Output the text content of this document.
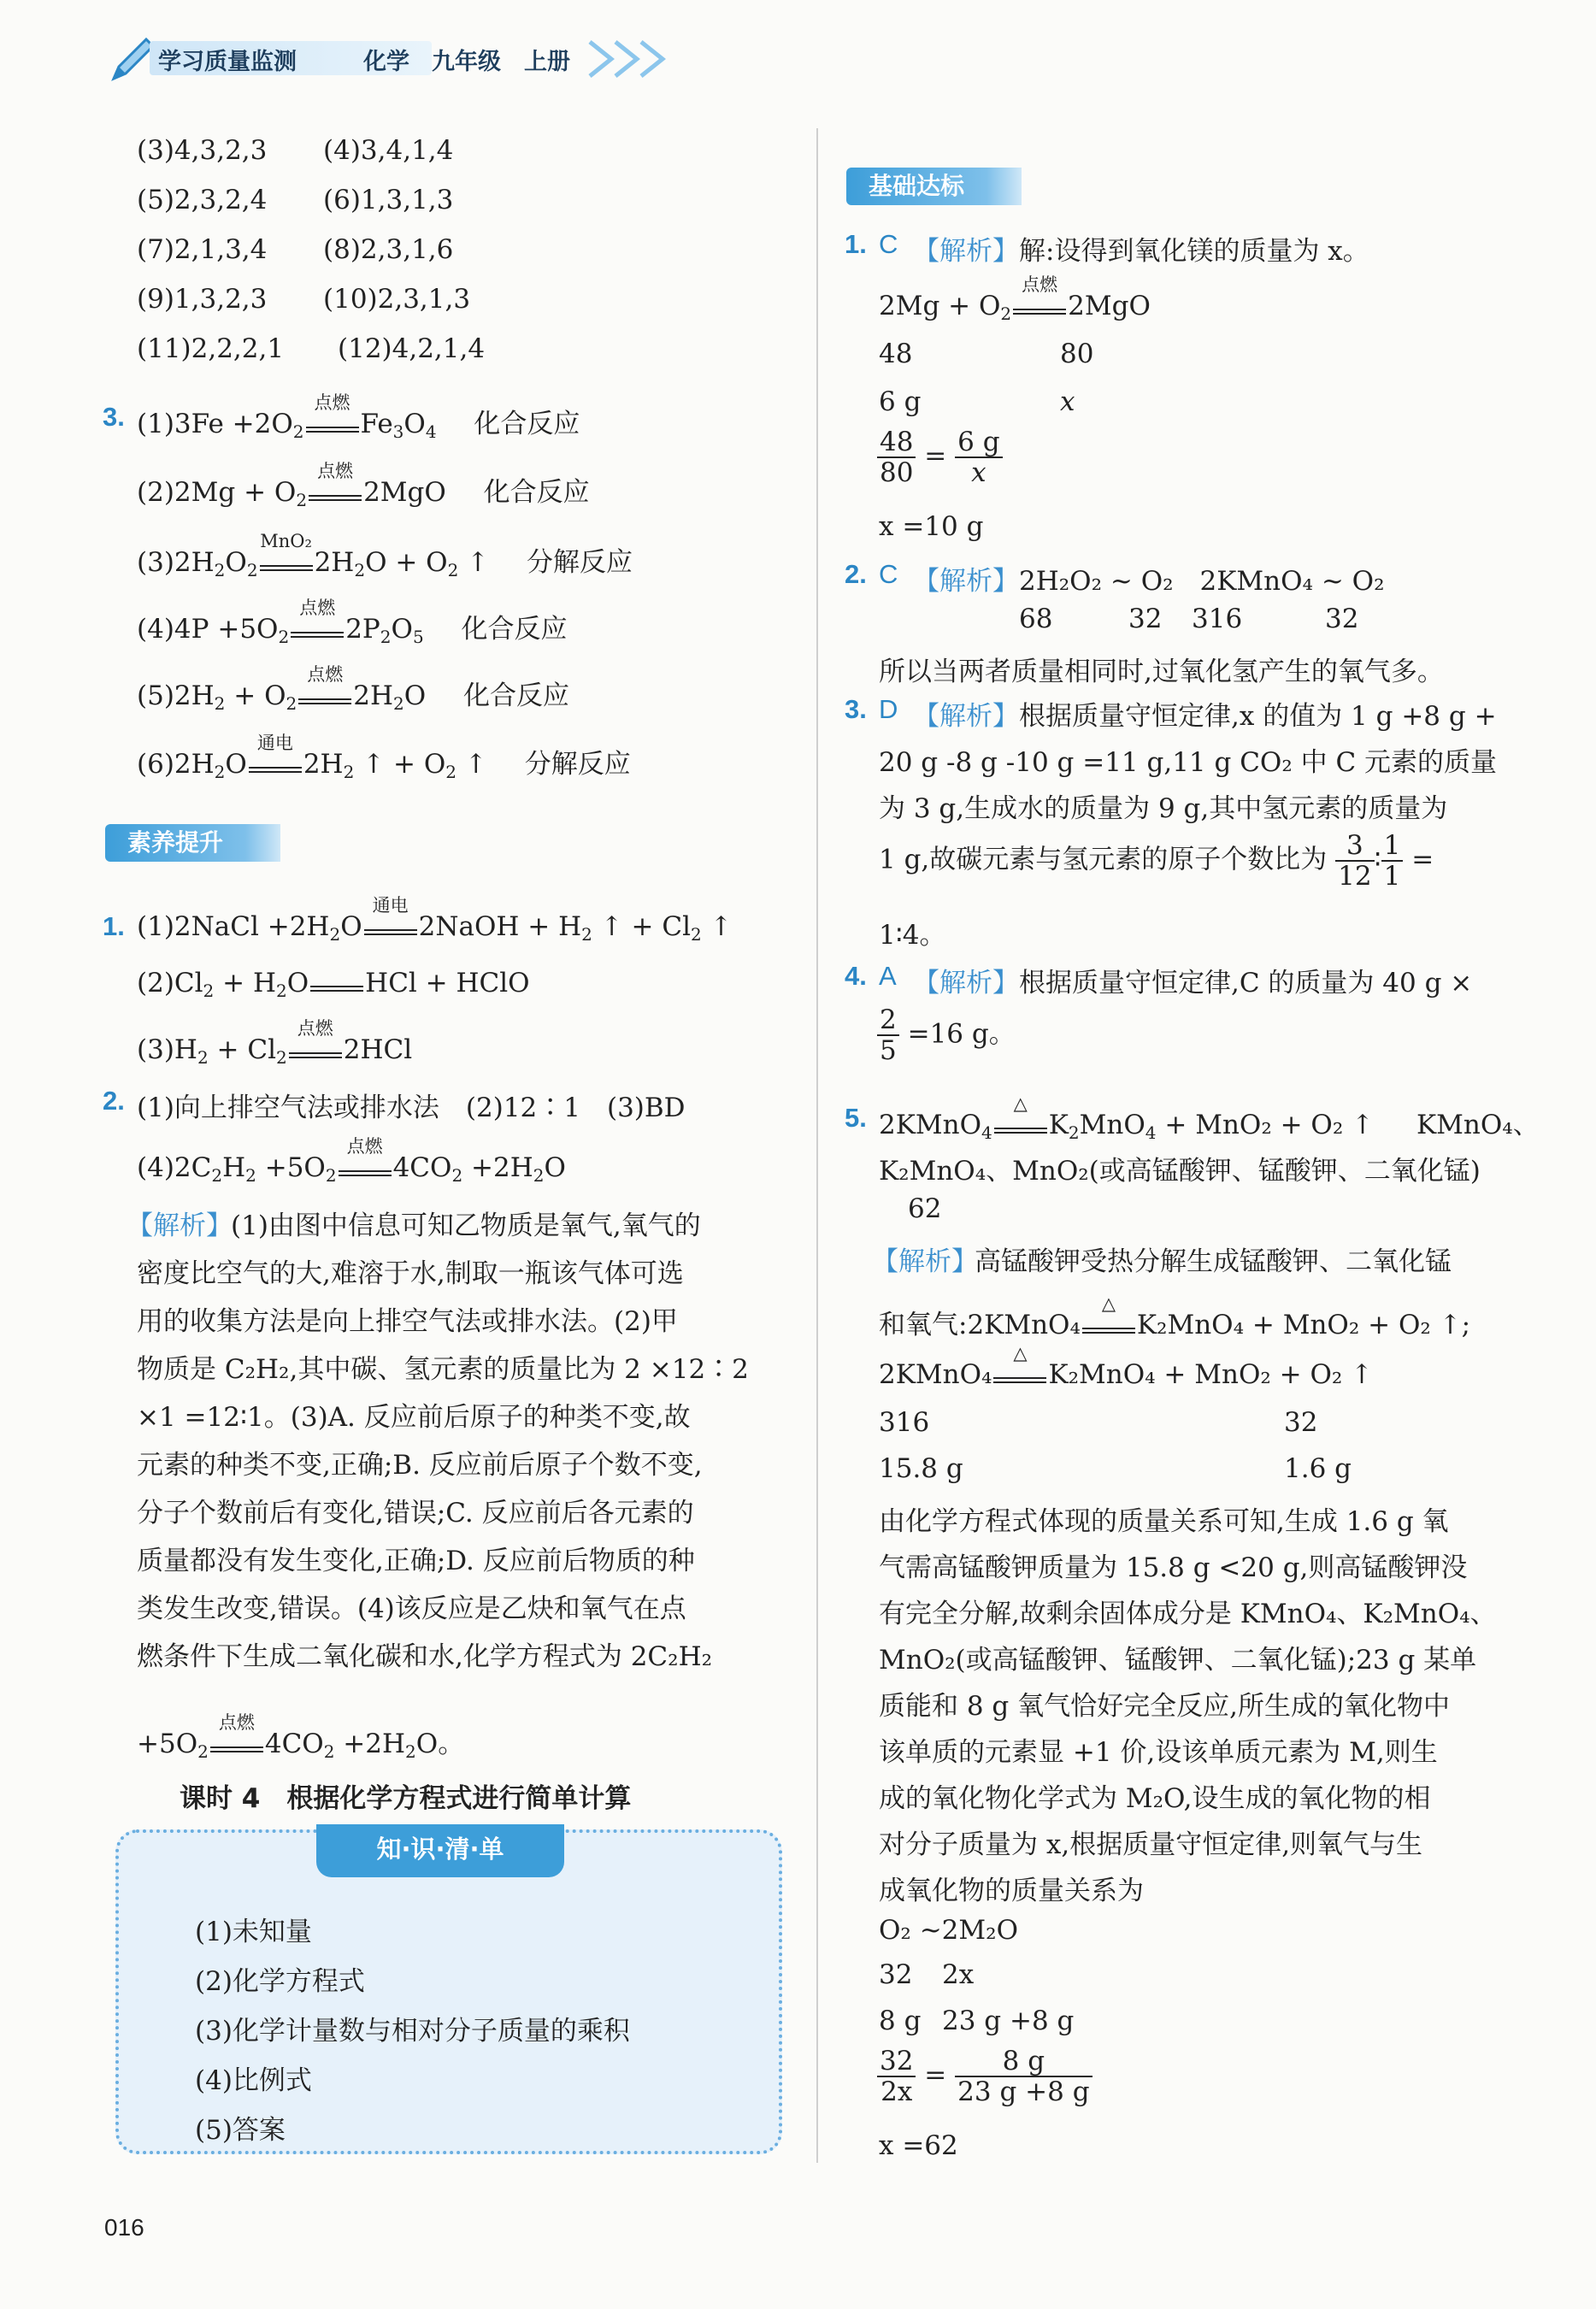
学习质量监测	化学 九年级 上册
(3)4,3,2,3 (4)3,4,1,4
(5)2,3,2,4 (6)1,3,1,3
(7)2,1,3,4 (8)2,3,1,6
(9)1,3,2,3 (10)2,3,1,3
(11)2,2,2,1 (12)4,2,1,4
3. $(1)3Fe +2O_2$
点燃
$Fe_3O_4$ 化合反应
$(2)2Mg + O_2$
点燃
2MgO 化合反应
$(3)2H_2O_2$
MnO₂
$2H_2O + O_2$ ↑ 分解反应
$(4)4P +5O_2$
点燃
$2P_2O_5$ 化合反应
$(5)2H_2 + O_2$
点燃
$2H_2O$ 化合反应
$(6)2H_2O$
通电
$2H_2$ ↑ + $O_2$ ↑ 分解反应
素养提升
1. (1)2NaCl $+2H_2O$
通电
2NaOH + $H_2$ ↑ + $Cl_2$ ↑
$(2)Cl_2 + H_2O$ HCl + HClO
$(3)H_2 + Cl_2$
点燃
2HCl
2. (1)向上排空气法或排水法　(2)12∶1　(3)BD
$(4)2C_2H_2 +5O_2$
点燃
$4CO_2 +2H_2O$
【解析】
(1)由图中信息可知乙物质是氧气,氧气的
密度比空气的大,难溶于水,制取一瓶该气体可选
用的收集方法是向上排空气法或排水法。(2)甲
物质是 C₂H₂,其中碳、氢元素的质量比为 2 ×12∶2
×1 =12∶1。(3)A. 反应前后原子的种类不变,故
元素的种类不变,正确;B. 反应前后原子个数不变,
分子个数前后有变化,错误;C. 反应前后各元素的
质量都没有发生变化,正确;D. 反应前后物质的种
类发生改变,错误。(4)该反应是乙炔和氧气在点
燃条件下生成二氧化碳和水,化学方程式为 2C₂H₂
$+5O_2$
点燃
$4CO_2 +2H_2O$。
课时 4　根据化学方程式进行简单计算
知·识·清·单
(1)未知量
(2)化学方程式
(3)化学计量数与相对分子质量的乘积
(4)比例式
(5)答案
基础达标
1. C 【解析】 解:设得到氧化镁的质量为 x。
$2Mg + O_2$
点燃
2MgO
48	80
6 g	x
$\frac{48}{80} = \frac{6 g}{x}$
x =10 g
2. C 【解析】 2H₂O₂ ~ O₂　2KMnO₄ ~ O₂
68	32 316	32
所以当两者质量相同时,过氧化氢产生的氧气多。
3. D 【解析】 根据质量守恒定律,x 的值为 1 g +8 g +
20 g -8 g -10 g =11 g,11 g CO₂ 中 C 元素的质量
为 3 g,生成水的质量为 9 g,其中氢元素的质量为
1 g,故碳元素与氢元素的原子个数比为 $\frac{3}{12}$ ∶ $\frac{1}{1}$ =
1∶4。
4. A 【解析】 根据质量守恒定律,C 的质量为 40 g ×
$\frac{2}{5} =16$ g。
5. 2KMnO$_4$
△
$K_2MnO_4 + MnO_2 + O_2$ ↑ KMnO₄、
K₂MnO₄、MnO₂(或高锰酸钾、锰酸钾、二氧化锰)
62
【解析】
高锰酸钾受热分解生成锰酸钾、二氧化锰
和氧气:2KMnO₄
△
K₂MnO₄ + MnO₂ + O₂ ↑;
2KMnO₄
△
K₂MnO₄ + MnO₂ + O₂ ↑
316	32
15.8 g	1.6 g
由化学方程式体现的质量关系可知,生成 1.6 g 氧
气需高锰酸钾质量为 15.8 g <20 g,则高锰酸钾没
有完全分解,故剩余固体成分是 KMnO₄、K₂MnO₄、
MnO₂(或高锰酸钾、锰酸钾、二氧化锰);23 g 某单
质能和 8 g 氧气恰好完全反应,所生成的氧化物中
该单质的元素显 +1 价,设该单质元素为 M,则生
成的氧化物化学式为 M₂O,设生成的氧化物的相
对分子质量为 x,根据质量守恒定律,则氧气与生
成氧化物的质量关系为
O₂ ~2M₂O
32 2x
8 g 23 g +8 g
$\frac{32}{2x} = \frac{8 g}{23 g +8 g}$
x =62
016
